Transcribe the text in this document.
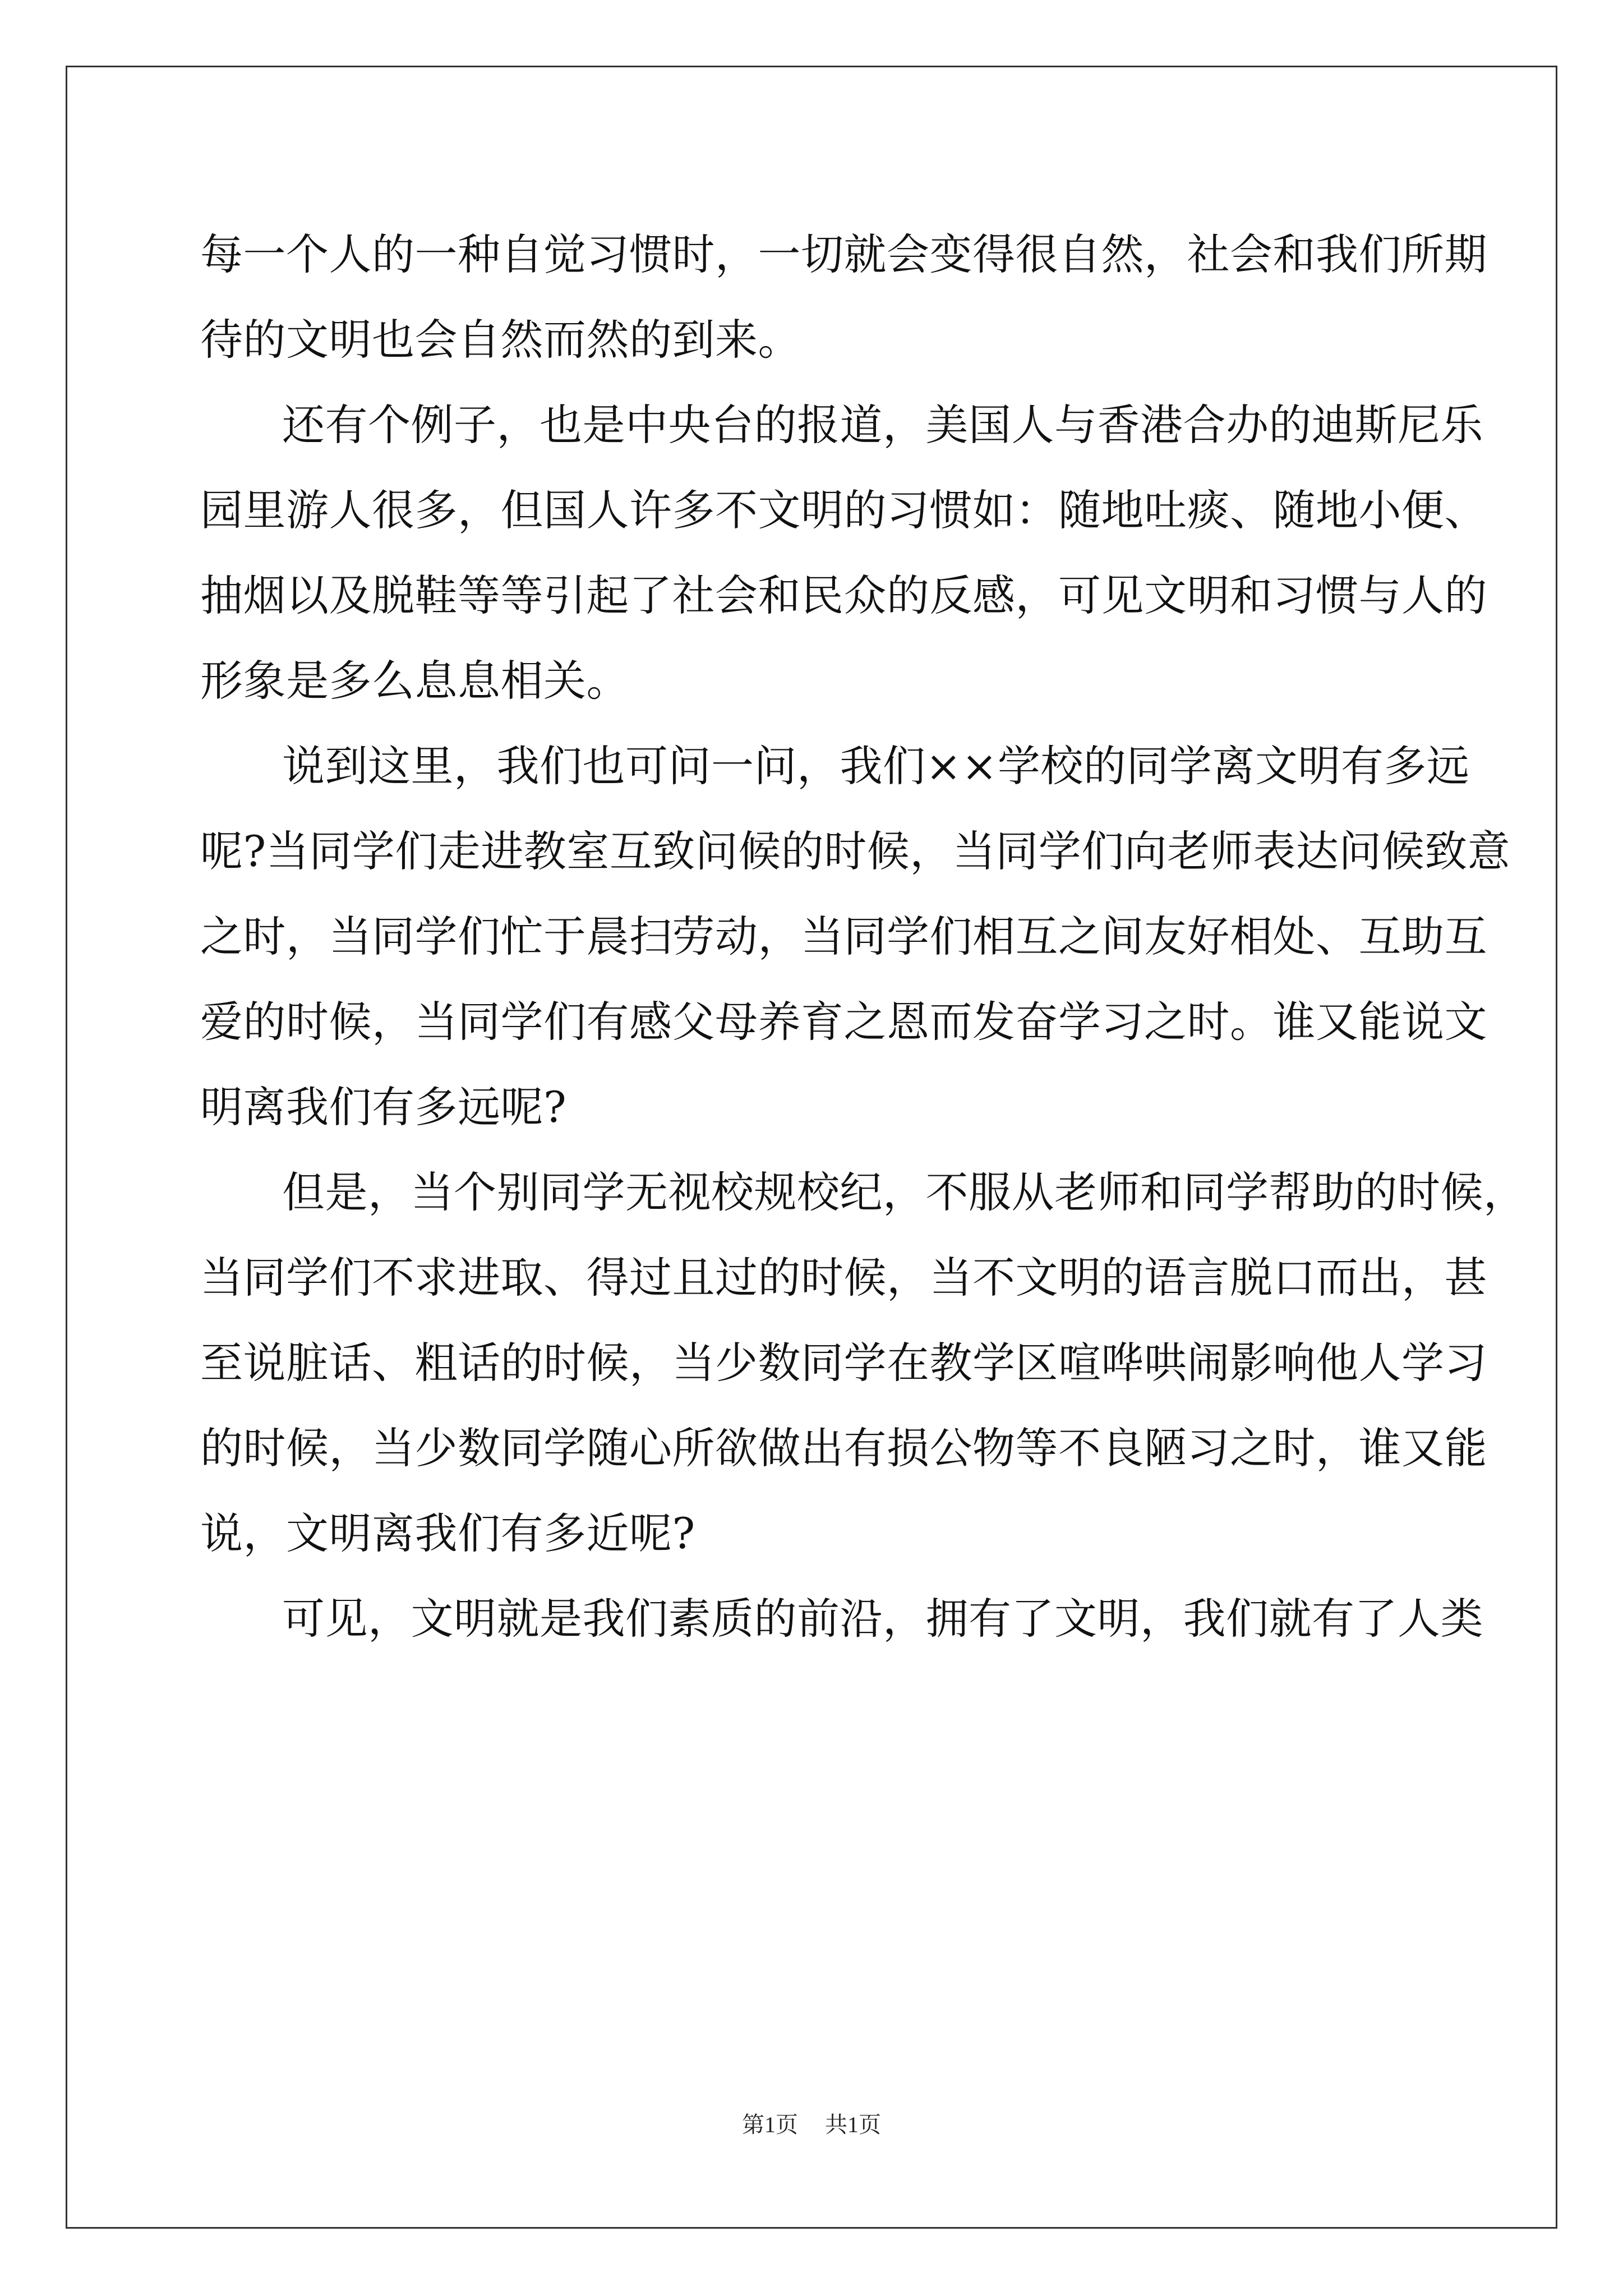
每一个人的一种自觉习惯时，一切就会变得很自然，社会和我们所期
待的文明也会自然而然的到来。
还有个例子，也是中央台的报道，美国人与香港合办的迪斯尼乐
园里游人很多，但国人许多不文明的习惯如：随地吐痰、随地小便、
抽烟以及脱鞋等等引起了社会和民众的反感，可见文明和习惯与人的
形象是多么息息相关。
说到这里，我们也可问一问，我们××学校的同学离文明有多远
呢?当同学们走进教室互致问候的时候，当同学们向老师表达问候致意
之时，当同学们忙于晨扫劳动，当同学们相互之间友好相处、互助互
爱的时候，当同学们有感父母养育之恩而发奋学习之时。谁又能说文
明离我们有多远呢?
但是，当个别同学无视校规校纪，不服从老师和同学帮助的时候，
当同学们不求进取、得过且过的时候，当不文明的语言脱口而出，甚
至说脏话、粗话的时候，当少数同学在教学区喧哗哄闹影响他人学习
的时候，当少数同学随心所欲做出有损公物等不良陋习之时，谁又能
说，文明离我们有多近呢?
可见，文明就是我们素质的前沿，拥有了文明，我们就有了人类
第1页 共1页
